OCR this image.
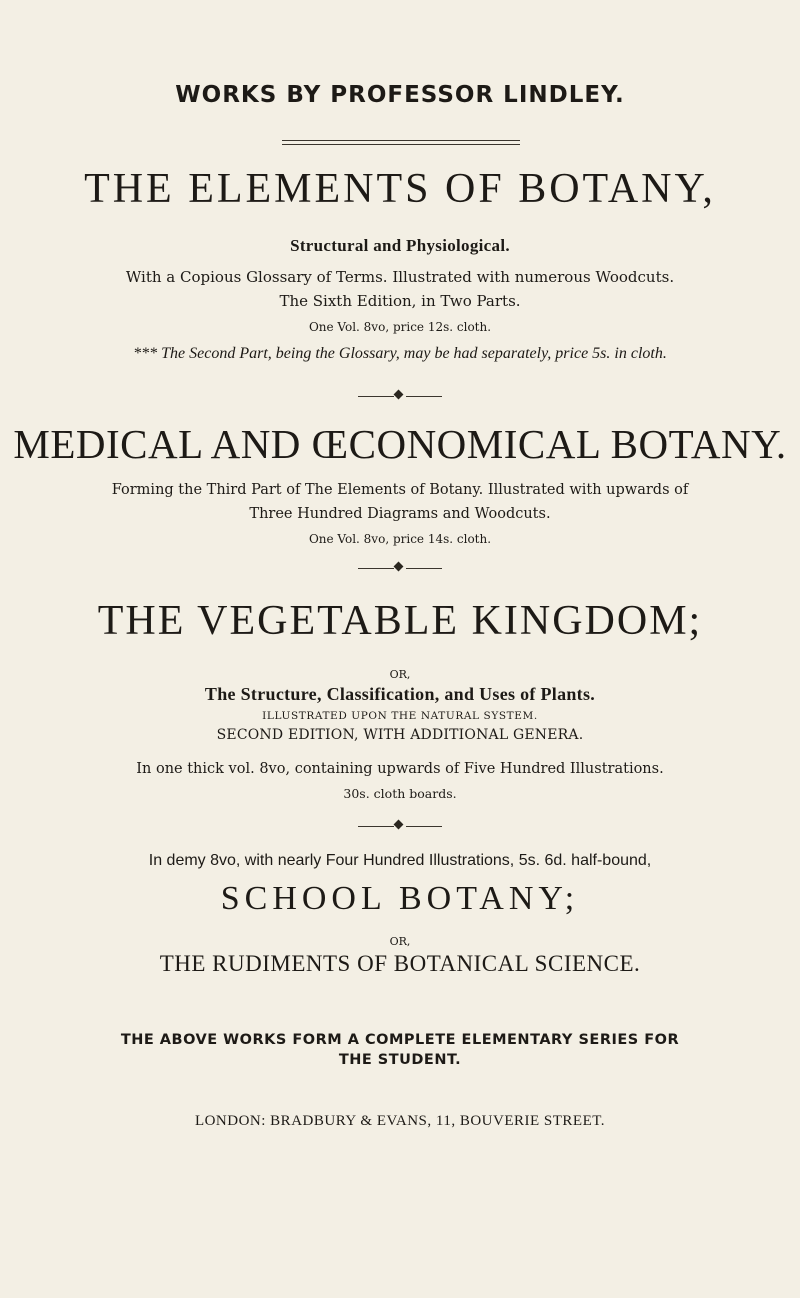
WORKS BY PROFESSOR LINDLEY.
THE ELEMENTS OF BOTANY,
Structural and Physiological.
With a Copious Glossary of Terms. Illustrated with numerous Woodcuts.
The Sixth Edition, in Two Parts.
One Vol. 8vo, price 12s. cloth.
*** The Second Part, being the Glossary, may be had separately, price 5s. in cloth.
MEDICAL AND ŒCONOMICAL BOTANY.
Forming the Third Part of The Elements of Botany. Illustrated with upwards of
Three Hundred Diagrams and Woodcuts.
One Vol. 8vo, price 14s. cloth.
THE VEGETABLE KINGDOM;
OR,
The Structure, Classification, and Uses of Plants.
ILLUSTRATED UPON THE NATURAL SYSTEM.
SECOND EDITION, WITH ADDITIONAL GENERA.
In one thick vol. 8vo, containing upwards of Five Hundred Illustrations.
30s. cloth boards.
In demy 8vo, with nearly Four Hundred Illustrations, 5s. 6d. half-bound,
SCHOOL BOTANY;
OR,
THE RUDIMENTS OF BOTANICAL SCIENCE.
THE ABOVE WORKS FORM A COMPLETE ELEMENTARY SERIES FOR
THE STUDENT.
LONDON: BRADBURY & EVANS, 11, BOUVERIE STREET.
